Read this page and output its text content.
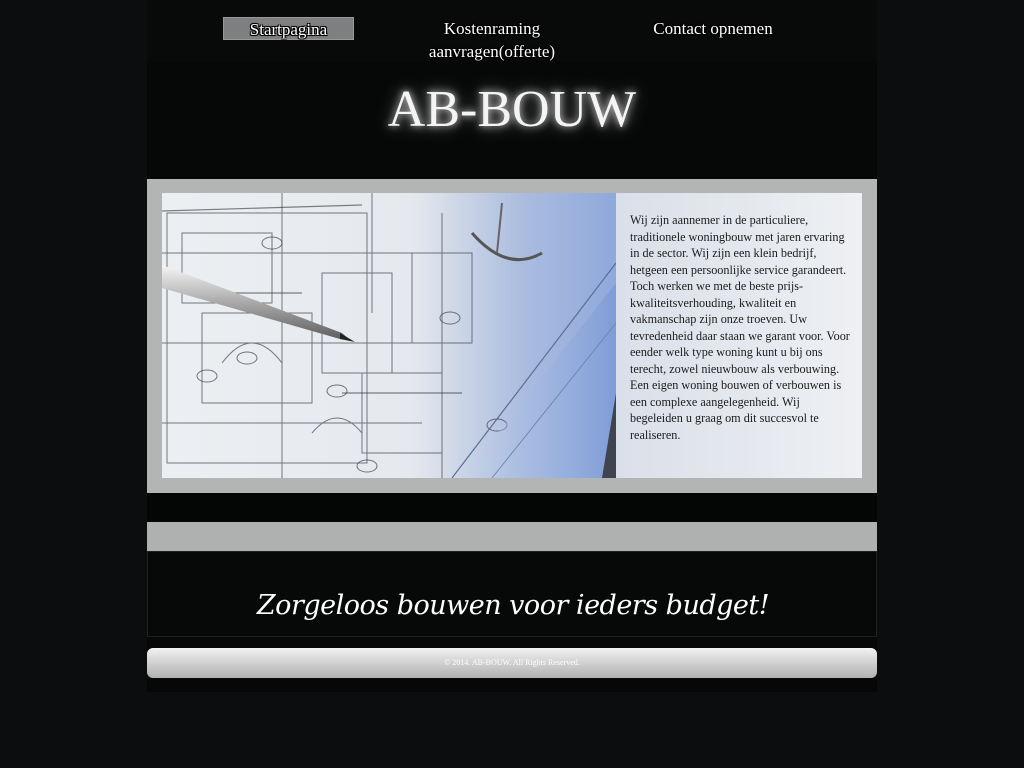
Startpagina	Kostenraming aanvragen(offerte)
Contact opnemen
AB-BOUW
Wij zijn aannemer in de particuliere, traditionele woningbouw met jaren ervaring in de sector. Wij zijn een klein bedrijf, hetgeen een persoonlijke service garandeert. Toch werken we met de beste prijs-kwaliteitsverhouding, kwaliteit en vakmanschap zijn onze troeven. Uw tevredenheid daar staan we garant voor. Voor eender welk type woning kunt u bij ons terecht, zowel nieuwbouw als verbouwing. Een eigen woning bouwen of verbouwen is een complexe aangelegenheid. Wij begeleiden u graag om dit succesvol te realiseren.
Zorgeloos bouwen voor ieders budget!
© 2014. AB-BOUW. All Rights Reserved.
